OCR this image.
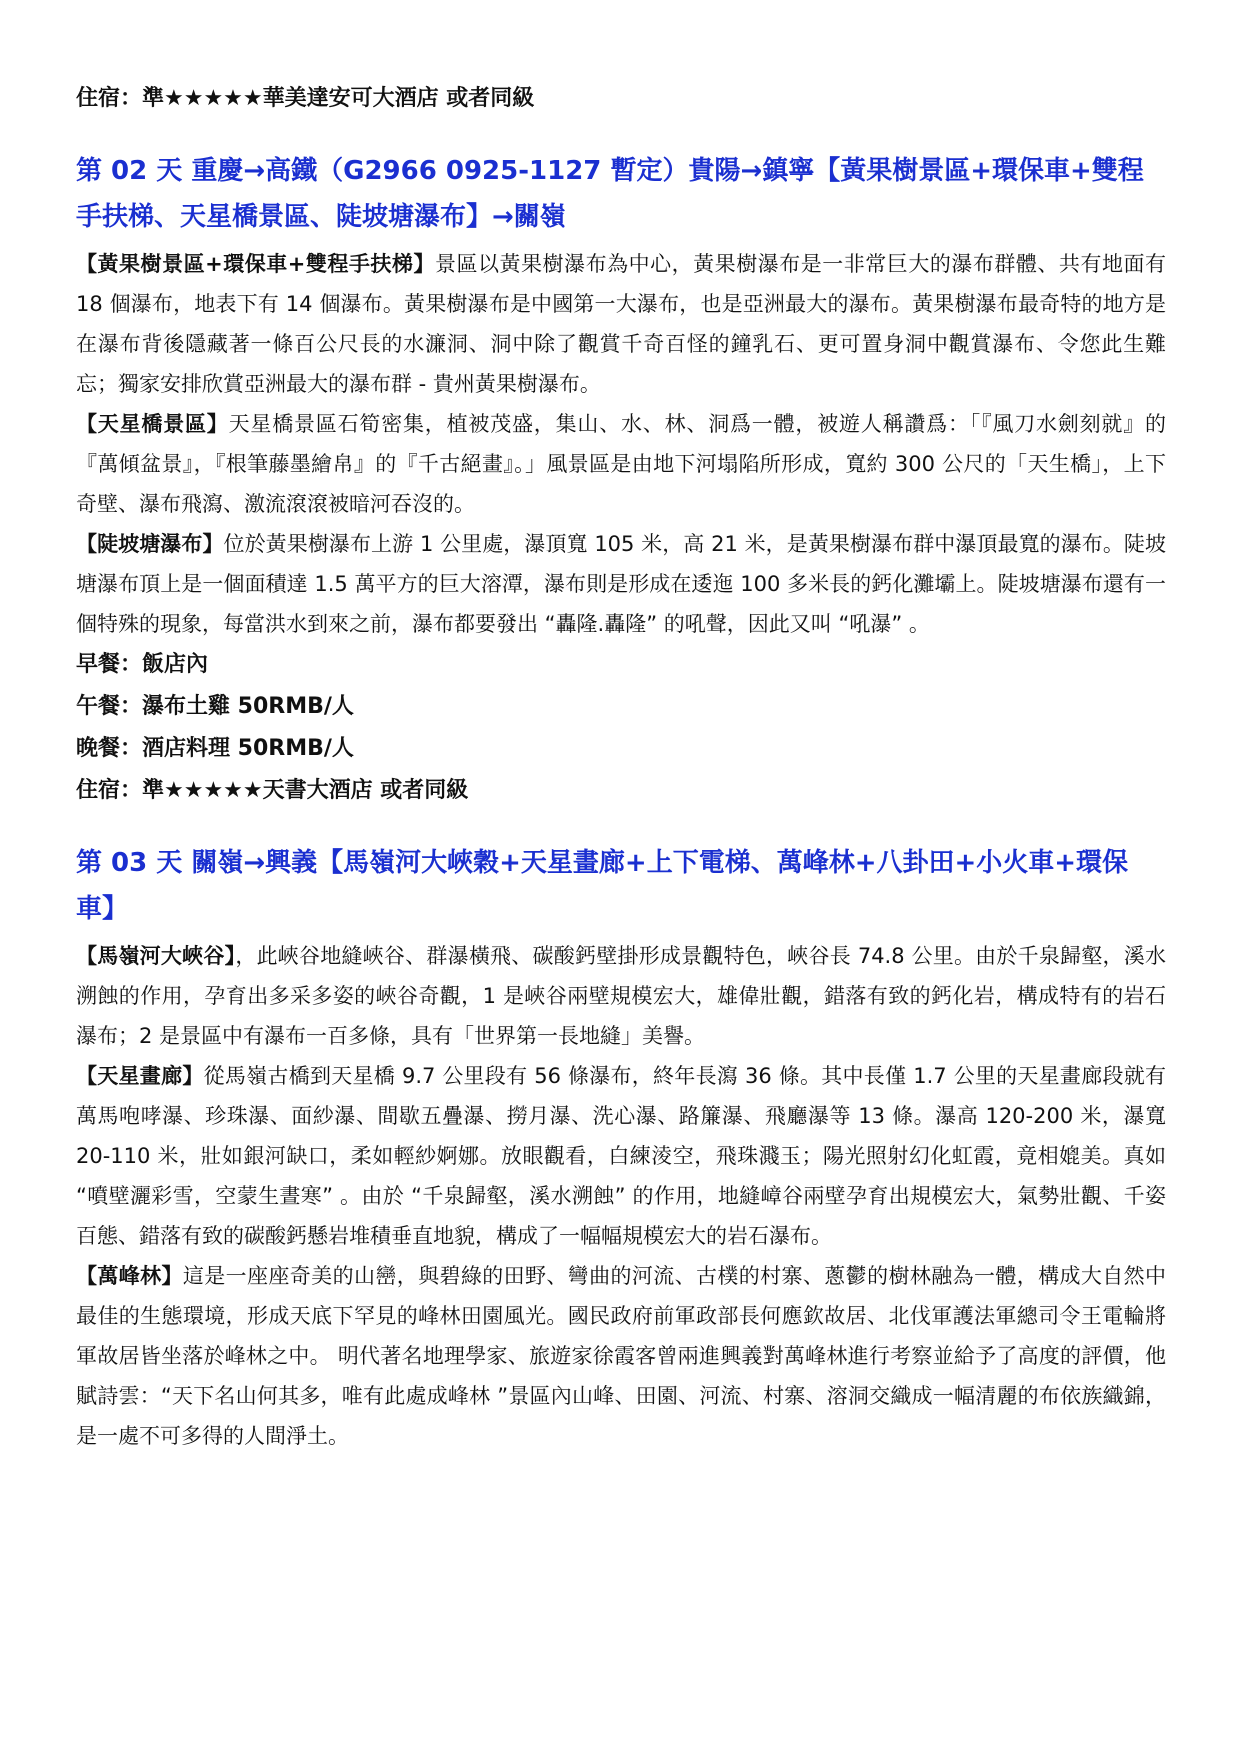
住宿：準★★★★★華美達安可大酒店 或者同級

第 02 天 重慶→高鐵（G2966 0925-1127 暫定）貴陽→鎮寧【黃果樹景區+環保車+雙程手扶梯、天星橋景區、陡坡塘瀑布】→關嶺

【黃果樹景區+環保車+雙程手扶梯】景區以黃果樹瀑布為中心，黃果樹瀑布是一非常巨大的瀑布群體、共有地面有 18 個瀑布，地表下有 14 個瀑布。黃果樹瀑布是中國第一大瀑布，也是亞洲最大的瀑布。黃果樹瀑布最奇特的地方是在瀑布背後隱藏著一條百公尺長的水濂洞、洞中除了觀賞千奇百怪的鐘乳石、更可置身洞中觀賞瀑布、令您此生難忘；獨家安排欣賞亞洲最大的瀑布群 - 貴州黃果樹瀑布。

【天星橋景區】天星橋景區石筍密集，植被茂盛，集山、水、林、洞爲一體，被遊人稱讚爲：「『風刀水劍刻就』的『萬傾盆景』，『根筆藤墨繪帛』的『千古絕畫』。」風景區是由地下河塌陷所形成，寬約 300 公尺的「天生橋」，上下奇壁、瀑布飛瀉、激流滾滾被暗河吞沒的。

【陡坡塘瀑布】位於黃果樹瀑布上游 1 公里處，瀑頂寬 105 米，高 21 米，是黃果樹瀑布群中瀑頂最寬的瀑布。陡坡塘瀑布頂上是一個面積達 1.5 萬平方的巨大溶潭，瀑布則是形成在逶迤 100 多米長的鈣化灘壩上。陡坡塘瀑布還有一個特殊的現象，每當洪水到來之前，瀑布都要發出 “轟隆.轟隆” 的吼聲，因此又叫 “吼瀑” 。

早餐：飯店內

午餐：瀑布土雞 50RMB/人

晚餐：酒店料理 50RMB/人

住宿：準★★★★★天書大酒店 或者同級

第 03 天 關嶺→興義【馬嶺河大峽穀+天星畫廊+上下電梯、萬峰林+八卦田+小火車+環保車】

【馬嶺河大峽谷】，此峽谷地縫峽谷、群瀑橫飛、碳酸鈣壁掛形成景觀特色，峽谷長 74.8 公里。由於千泉歸壑，溪水溯蝕的作用，孕育出多采多姿的峽谷奇觀，1 是峽谷兩壁規模宏大，雄偉壯觀，錯落有致的鈣化岩，構成特有的岩石瀑布；2 是景區中有瀑布一百多條，具有「世界第一長地縫」美譽。

【天星畫廊】從馬嶺古橋到天星橋 9.7 公里段有 56 條瀑布，終年長瀉 36 條。其中長僅 1.7 公里的天星畫廊段就有萬馬咆哮瀑、珍珠瀑、面紗瀑、間歇五疊瀑、撈月瀑、洗心瀑、路簾瀑、飛廳瀑等 13 條。瀑高 120-200 米，瀑寬 20-110 米，壯如銀河缺口，柔如輕紗婀娜。放眼觀看，白練淩空，飛珠濺玉；陽光照射幻化虹霞，竟相媲美。真如 “噴壁灑彩雪，空蒙生晝寒” 。由於 “千泉歸壑，溪水溯蝕” 的作用，地縫嶂谷兩壁孕育出規模宏大，氣勢壯觀、千姿百態、錯落有致的碳酸鈣懸岩堆積垂直地貌，構成了一幅幅規模宏大的岩石瀑布。

【萬峰林】這是一座座奇美的山巒，與碧綠的田野、彎曲的河流、古樸的村寨、蔥鬱的樹林融為一體，構成大自然中最佳的生態環境，形成天底下罕見的峰林田園風光。國民政府前軍政部長何應欽故居、北伐軍護法軍總司令王電輪將軍故居皆坐落於峰林之中。 明代著名地理學家、旅遊家徐霞客曾兩進興義對萬峰林進行考察並給予了高度的評價，他賦詩雲：“天下名山何其多，唯有此處成峰林 ”景區內山峰、田園、河流、村寨、溶洞交織成一幅清麗的布依族織錦，是一處不可多得的人間淨土。
